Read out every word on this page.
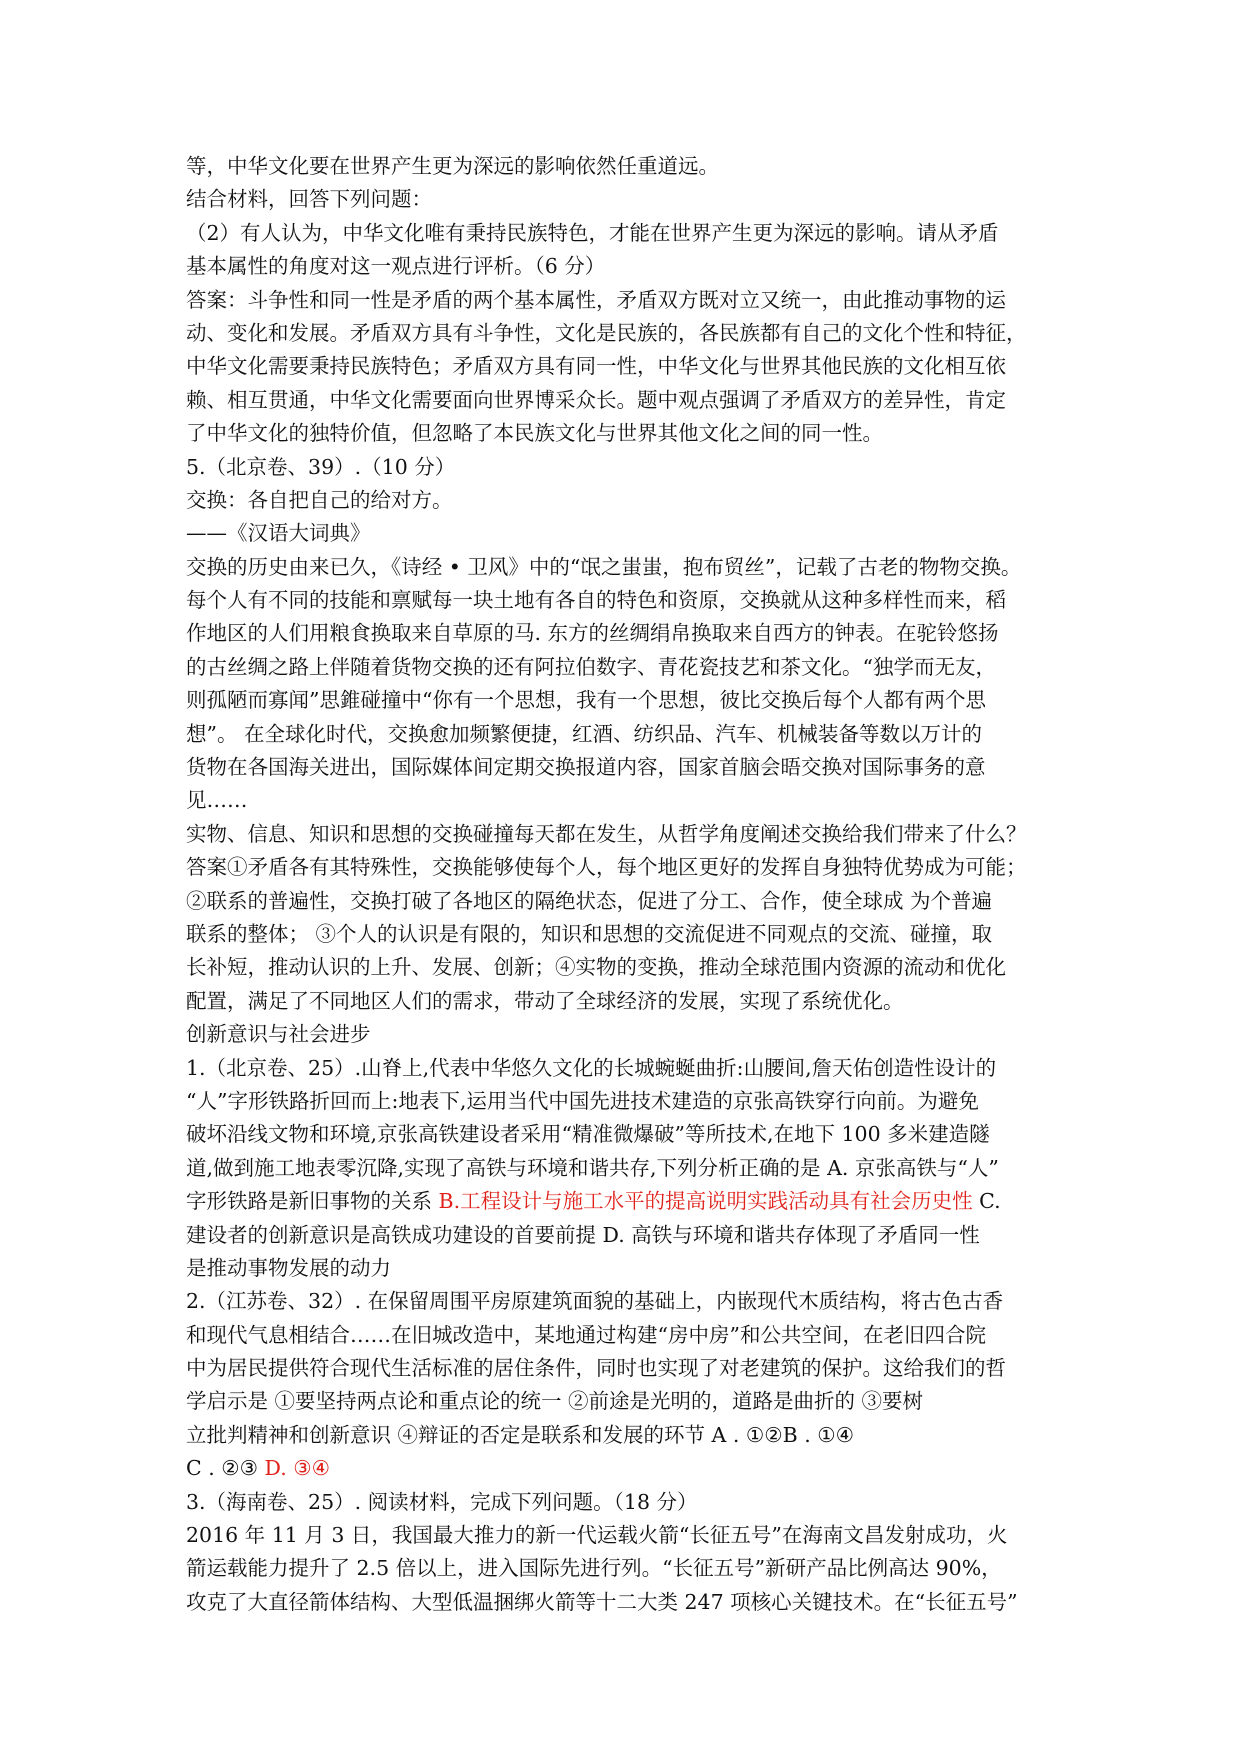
等，中华文化要在世界产生更为深远的影响依然任重道远。
结合材料，回答下列问题：
（2）有人认为，中华文化唯有秉持民族特色，才能在世界产生更为深远的影响。请从矛盾
基本属性的角度对这一观点进行评析。（6 分）
答案：斗争性和同一性是矛盾的两个基本属性，矛盾双方既对立又统一，由此推动事物的运
动、变化和发展。矛盾双方具有斗争性，文化是民族的，各民族都有自己的文化个性和特征，
中华文化需要秉持民族特色；矛盾双方具有同一性，中华文化与世界其他民族的文化相互依
赖、相互贯通，中华文化需要面向世界博采众长。题中观点强调了矛盾双方的差异性，肯定
了中华文化的独特价值，但忽略了本民族文化与世界其他文化之间的同一性。
5.（北京卷、39）.（10 分）
交换：各自把自己的给对方。
——《汉语大词典》
交换的历史由来已久，《诗经 • 卫风》中的“氓之蚩蚩，抱布贸丝”，记载了古老的物物交换。
每个人有不同的技能和禀赋每一块土地有各自的特色和资原，交换就从这种多样性而来，稻
作地区的人们用粮食换取来自草原的马. 东方的丝绸绢帛换取来自西方的钟表。在驼铃悠扬
的古丝绸之路上伴随着货物交换的还有阿拉伯数字、青花瓷技艺和茶文化。“独学而无友，
则孤陋而寡闻”思錐碰撞中“你有一个思想，我有一个思想，彼比交换后每个人都有两个思
想”。 在全球化时代，交换愈加频繁便捷，红酒、纺织品、汽车、机械装备等数以万计的
货物在各国海关进出，国际媒体间定期交换报道内容，国家首脑会晤交换对国际事务的意
见……
实物、信息、知识和思想的交换碰撞每天都在发生，从哲学角度阐述交换给我们带来了什么？
答案①矛盾各有其特殊性，交换能够使每个人，每个地区更好的发挥自身独特优势成为可能；
②联系的普遍性，交换打破了各地区的隔绝状态，促进了分工、合作，使全球成 为个普遍
联系的整体； ③个人的认识是有限的，知识和思想的交流促进不同观点的交流、碰撞，取
长补短，推动认识的上升、发展、创新；④实物的变换，推动全球范围内资源的流动和优化
配置，满足了不同地区人们的需求，带动了全球经济的发展，实现了系统优化。
创新意识与社会进步
1.（北京卷、25）.山脊上,代表中华悠久文化的长城蜿蜒曲折:山腰间,詹天佑创造性设计的
“人”字形铁路折回而上:地表下,运用当代中国先进技术建造的京张高铁穿行向前。为避免
破坏沿线文物和环境,京张高铁建设者采用“精准微爆破”等所技术,在地下 100 多米建造隧
道,做到施工地表零沉降,实现了高铁与环境和谐共存,下列分析正确的是 A. 京张高铁与“人”
字形铁路是新旧事物的关系 B.工程设计与施工水平的提高说明实践活动具有社会历史性 C.
建设者的创新意识是高铁成功建设的首要前提 D. 高铁与环境和谐共存体现了矛盾同一性
是推动事物发展的动力
2.（江苏卷、32）. 在保留周围平房原建筑面貌的基础上，内嵌现代木质结构，将古色古香
和现代气息相结合……在旧城改造中，某地通过构建“房中房”和公共空间，在老旧四合院
中为居民提供符合现代生活标准的居住条件，同时也实现了对老建筑的保护。这给我们的哲
学启示是 ①要坚持两点论和重点论的统一 ②前途是光明的，道路是曲折的 ③要树
立批判精神和创新意识 ④辩证的否定是联系和发展的环节 A . ①②B . ①④
C . ②③ D. ③④
3.（海南卷、25）. 阅读材料，完成下列问题。（18 分）
2016 年 11 月 3 日，我国最大推力的新一代运载火箭“长征五号”在海南文昌发射成功，火
箭运载能力提升了 2.5 倍以上，进入国际先进行列。“长征五号”新研产品比例高达 90%，
攻克了大直径箭体结构、大型低温捆绑火箭等十二大类 247 项核心关键技术。在“长征五号”
